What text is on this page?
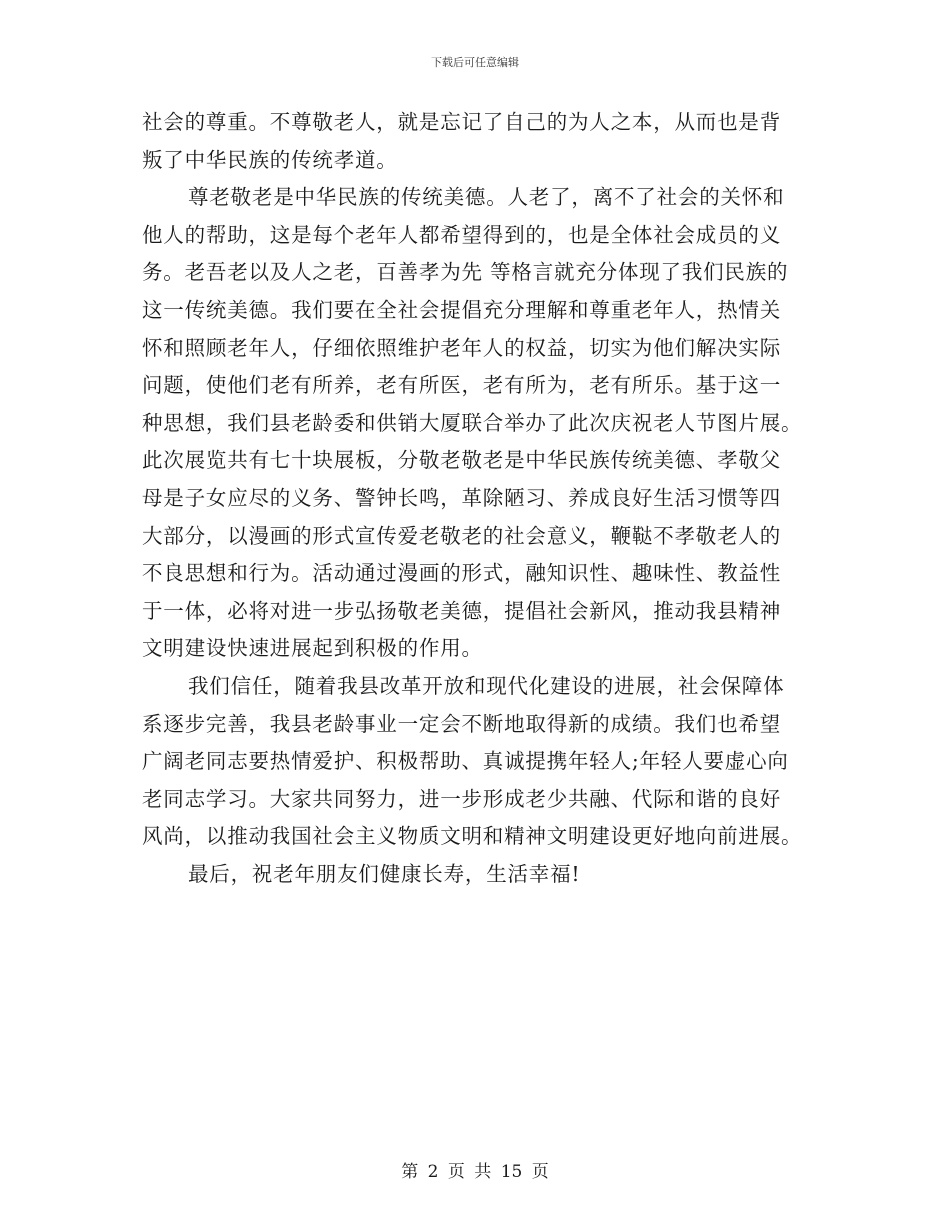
下载后可任意编辑
社会的尊重。不尊敬老人，就是忘记了自己的为人之本，从而也是背
叛了中华民族的传统孝道。
尊老敬老是中华民族的传统美德。人老了，离不了社会的关怀和
他人的帮助，这是每个老年人都希望得到的，也是全体社会成员的义
务。老吾老以及人之老，百善孝为先 等格言就充分体现了我们民族的
这一传统美德。我们要在全社会提倡充分理解和尊重老年人，热情关
怀和照顾老年人，仔细依照维护老年人的权益，切实为他们解决实际
问题，使他们老有所养，老有所医，老有所为，老有所乐。基于这一
种思想，我们县老龄委和供销大厦联合举办了此次庆祝老人节图片展。
此次展览共有七十块展板，分敬老敬老是中华民族传统美德、孝敬父
母是子女应尽的义务、警钟长鸣，革除陋习、养成良好生活习惯等四
大部分，以漫画的形式宣传爱老敬老的社会意义，鞭鞑不孝敬老人的
不良思想和行为。活动通过漫画的形式，融知识性、趣味性、教益性
于一体，必将对进一步弘扬敬老美德，提倡社会新风，推动我县精神
文明建设快速进展起到积极的作用。
我们信任，随着我县改革开放和现代化建设的进展，社会保障体
系逐步完善，我县老龄事业一定会不断地取得新的成绩。我们也希望
广阔老同志要热情爱护、积极帮助、真诚提携年轻人;年轻人要虚心向
老同志学习。大家共同努力，进一步形成老少共融、代际和谐的良好
风尚，以推动我国社会主义物质文明和精神文明建设更好地向前进展。
最后，祝老年朋友们健康长寿，生活幸福!
第 2 页 共 15 页
